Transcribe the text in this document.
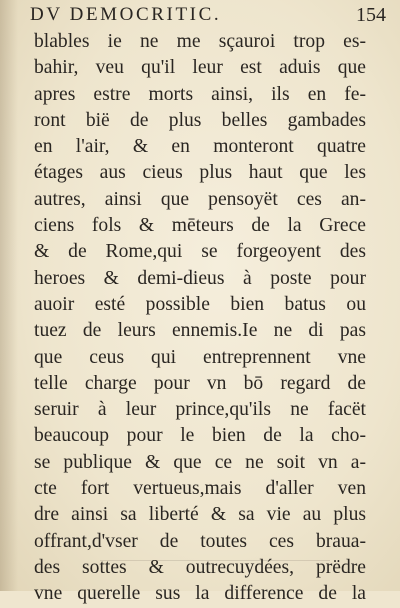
DV DEMOCRITIC.	154
blables ie ne me sçauroi trop es-
bahir, veu qu'il leur est aduis que
apres estre morts ainsi, ils en fe-
ront bië de plus belles gambades
en l'air, & en monteront quatre
étages aus cieus plus haut que les
autres, ainsi que pensoyët ces an-
ciens fols & mēteurs de la Grece
& de Rome,qui se forgeoyent des
heroes & demi-dieus à poste pour
auoir esté possible bien batus ou
tuez de leurs ennemis.Ie ne di pas
que ceus qui entreprennent vne
telle charge pour vn bō regard de
seruir à leur prince,qu'ils ne facët
beaucoup pour le bien de la cho-
se publique & que ce ne soit vn a-
cte fort vertueus,mais d'aller ven
dre ainsi sa liberté & sa vie au plus
offrant,d'vser de toutes ces braua-
des sottes & outrecuydées, prëdre
vne querelle sus la difference de la
